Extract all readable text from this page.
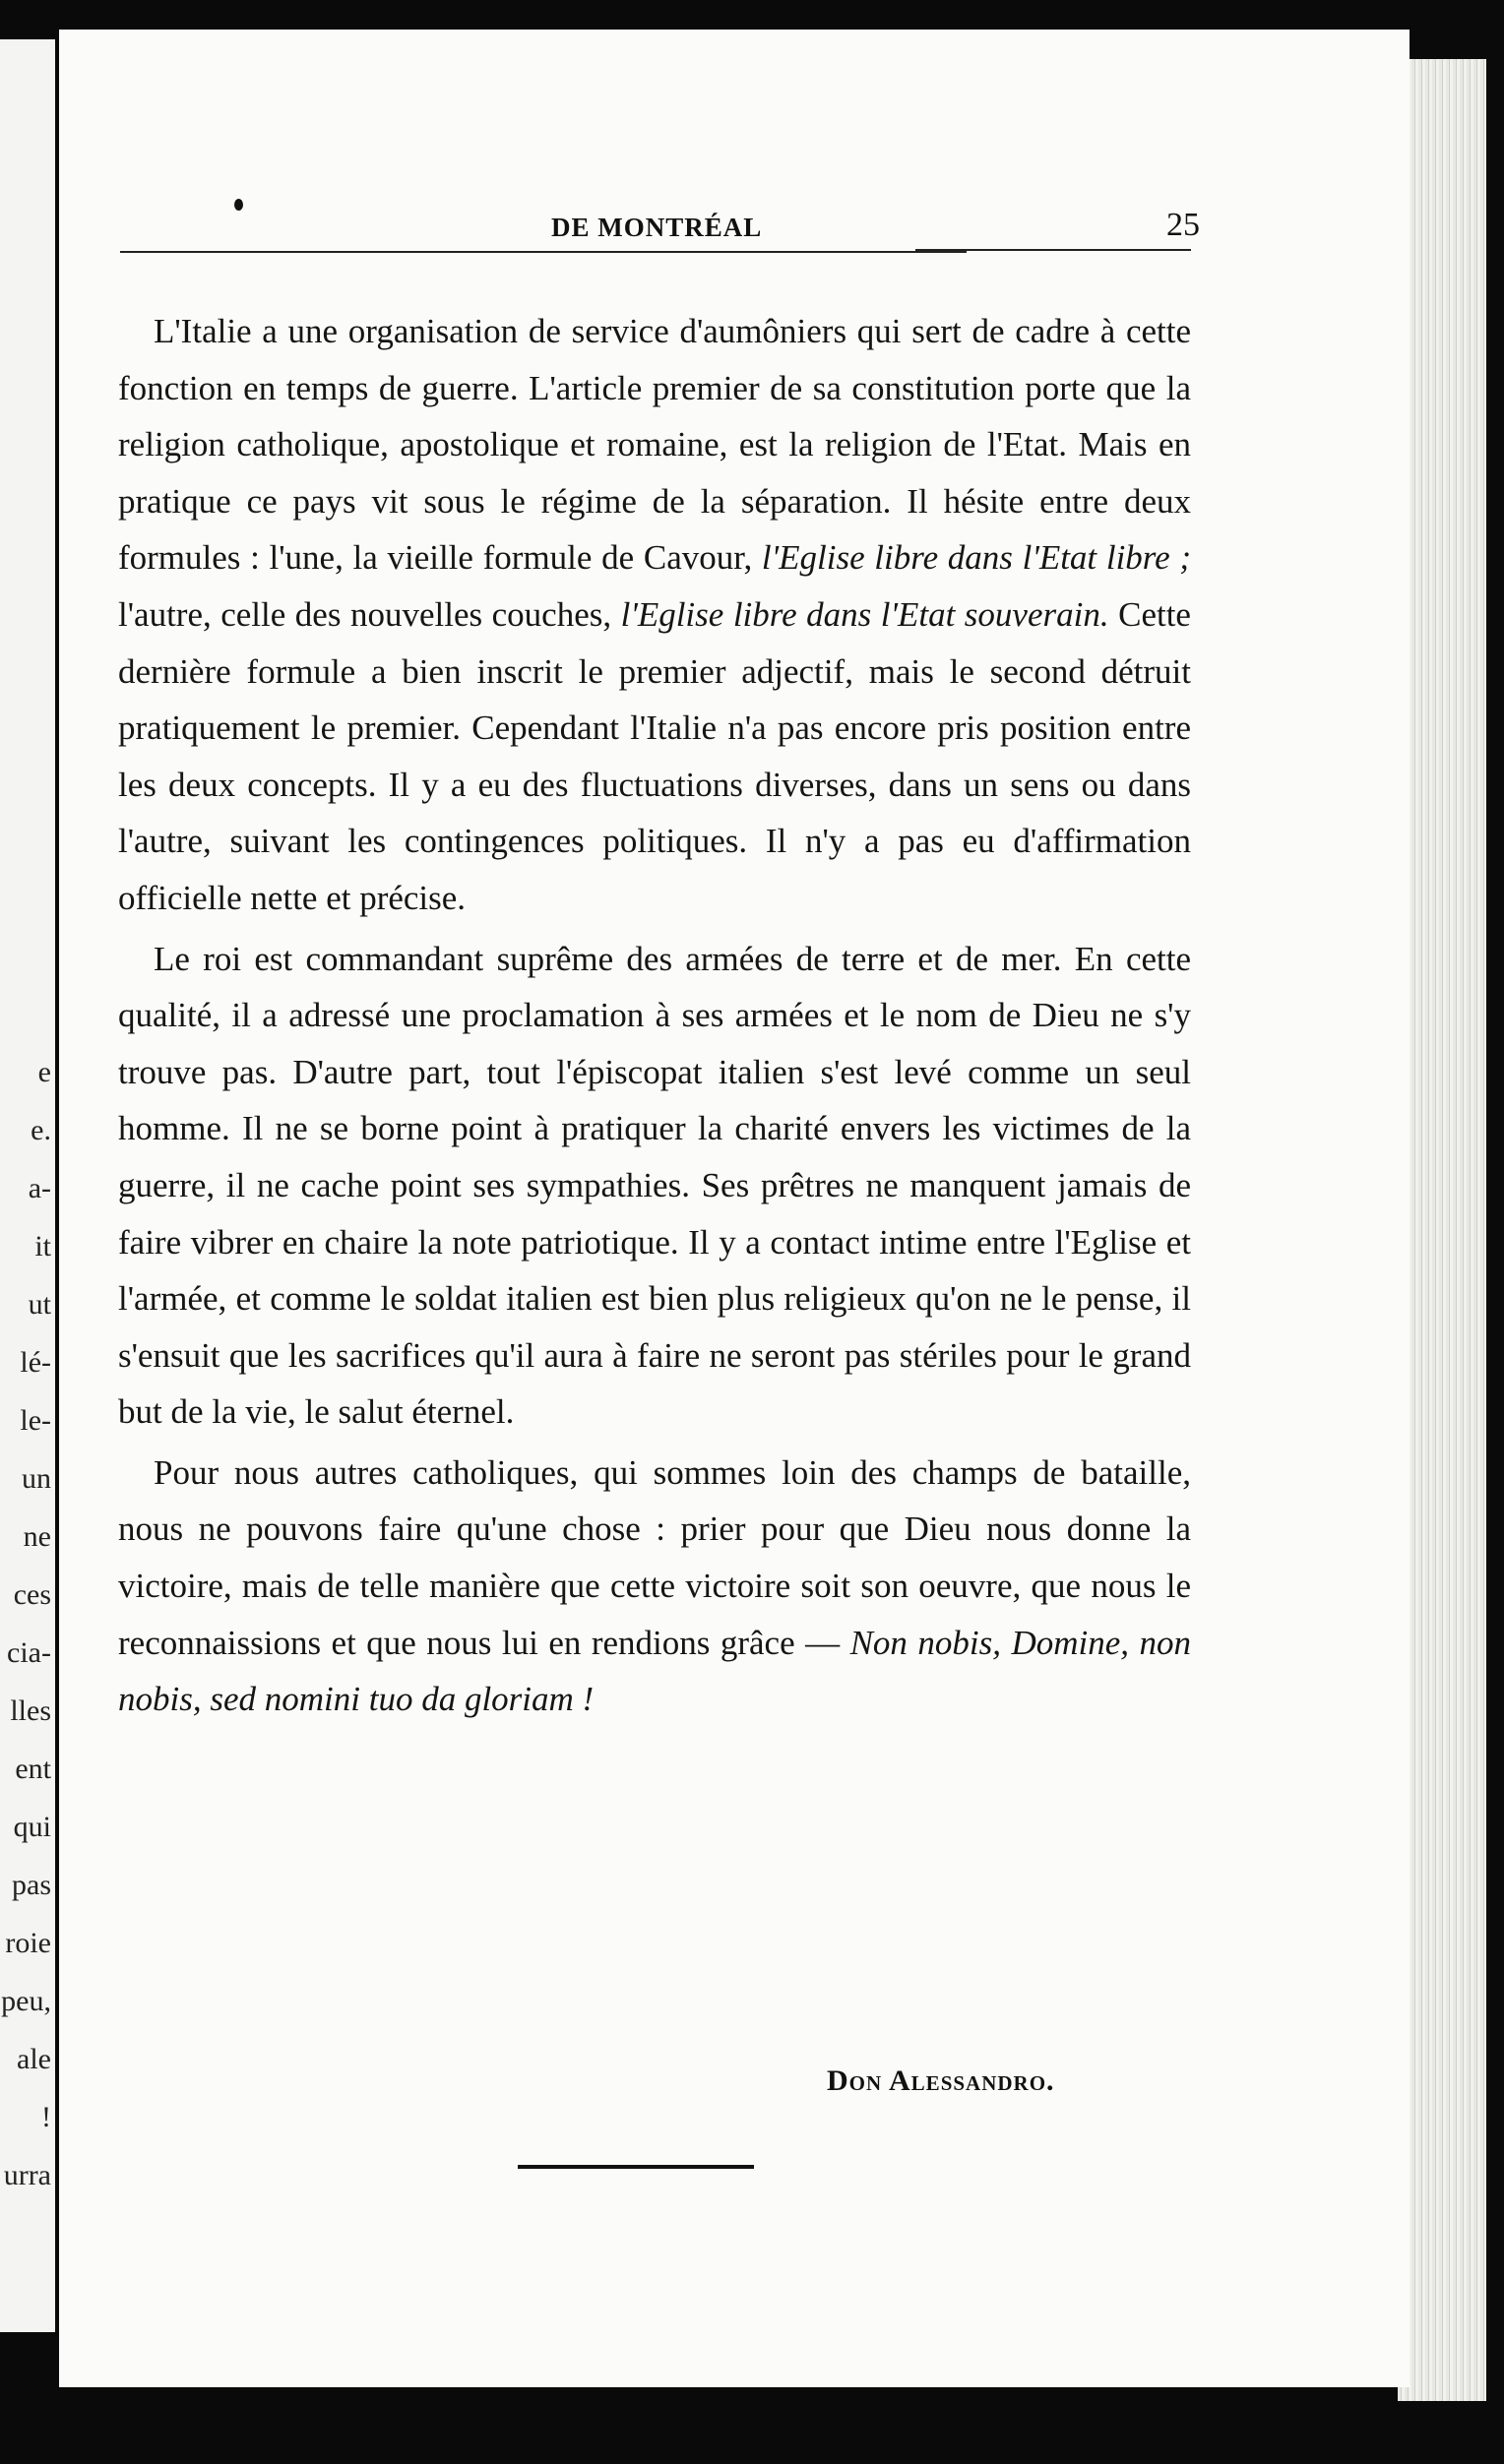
e
e.
a-
it
ut
lé-
le-
un
ne
ces
cia-
lles
ent
qui
pas
roie
peu,
ale !
urra
DE MONTRÉAL	25

L'Italie a une organisation de service d'aumôniers qui sert de cadre à cette fonction en temps de guerre. L'article premier de sa constitution porte que la religion catholique, apostolique et romaine, est la religion de l'Etat. Mais en pratique ce pays vit sous le régime de la séparation. Il hésite entre deux formules : l'une, la vieille formule de Cavour, l'Eglise libre dans l'Etat libre ; l'autre, celle des nouvelles couches, l'Eglise libre dans l'Etat souverain. Cette dernière formule a bien inscrit le premier adjectif, mais le second détruit pratiquement le premier. Cependant l'Italie n'a pas encore pris position entre les deux concepts. Il y a eu des fluctuations diverses, dans un sens ou dans l'autre, suivant les contingences politiques. Il n'y a pas eu d'affirmation officielle nette et précise.

Le roi est commandant suprême des armées de terre et de mer. En cette qualité, il a adressé une proclamation à ses armées et le nom de Dieu ne s'y trouve pas. D'autre part, tout l'épiscopat italien s'est levé comme un seul homme. Il ne se borne point à pratiquer la charité envers les victimes de la guerre, il ne cache point ses sympathies. Ses prêtres ne manquent jamais de faire vibrer en chaire la note patriotique. Il y a contact intime entre l'Eglise et l'armée, et comme le soldat italien est bien plus religieux qu'on ne le pense, il s'ensuit que les sacrifices qu'il aura à faire ne seront pas stériles pour le grand but de la vie, le salut éternel.

Pour nous autres catholiques, qui sommes loin des champs de bataille, nous ne pouvons faire qu'une chose : prier pour que Dieu nous donne la victoire, mais de telle manière que cette victoire soit son oeuvre, que nous le reconnaissions et que nous lui en rendions grâce — Non nobis, Domine, non nobis, sed nomini tuo da gloriam !

Don Alessandro.
